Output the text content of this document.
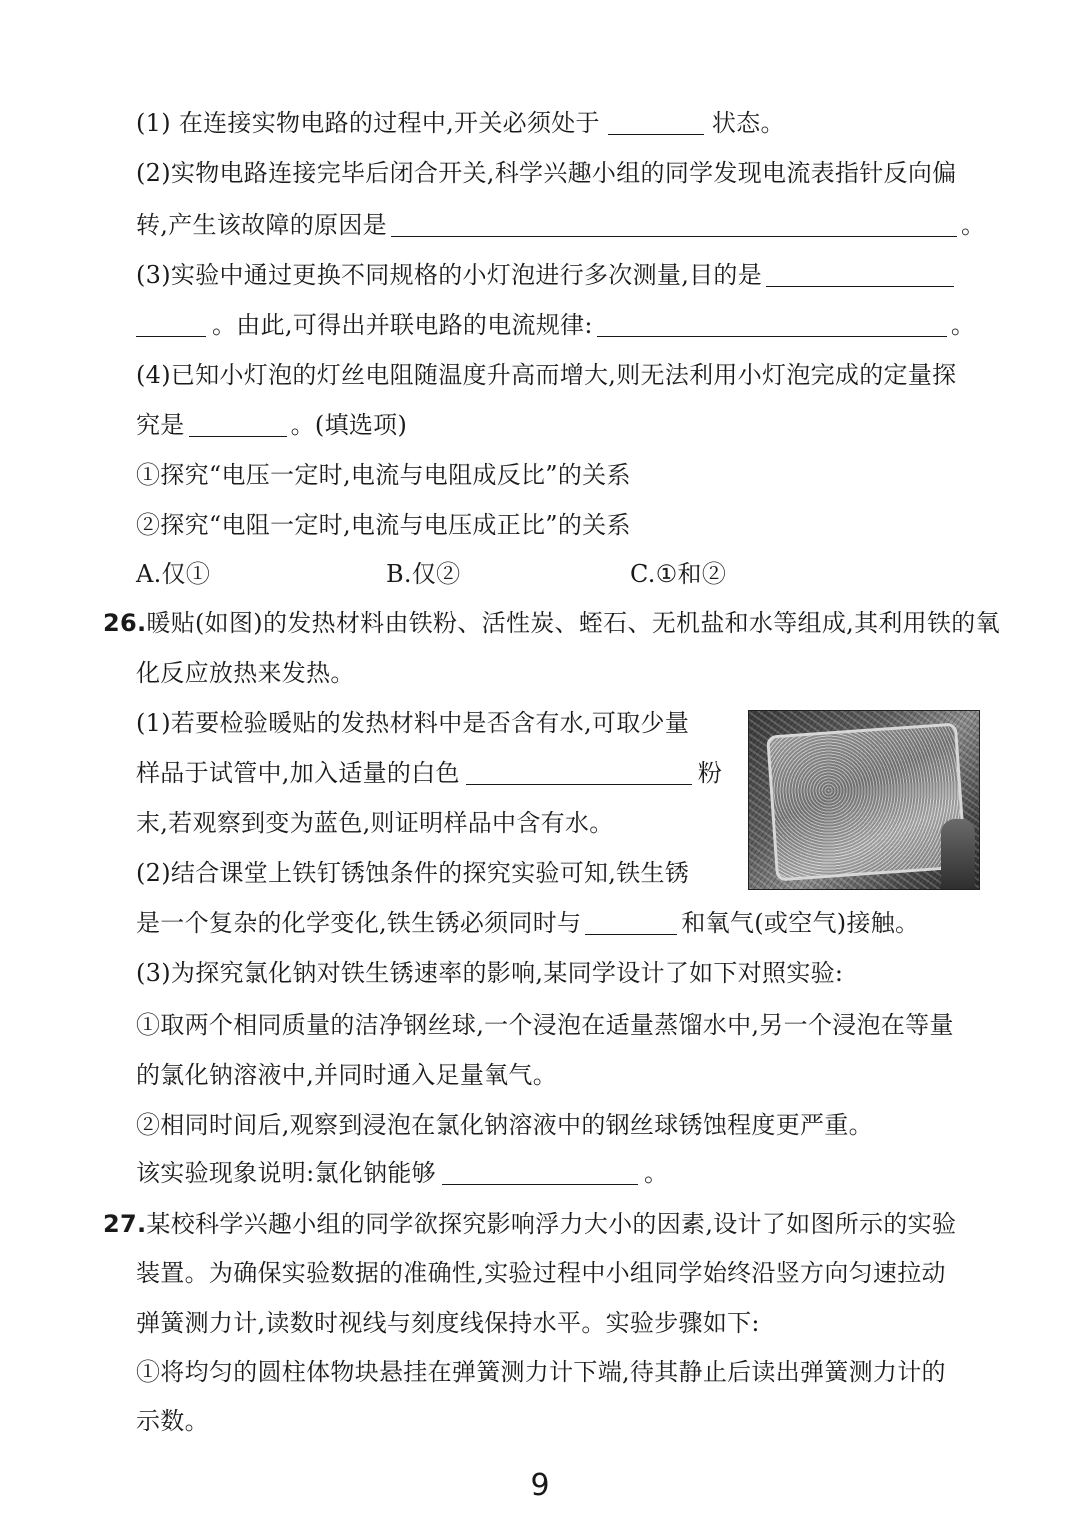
(1) 在连接实物电路的过程中,开关必须处于	状态。
(2)实物电路连接完毕后闭合开关,科学兴趣小组的同学发现电流表指针反向偏
转,产生该故障的原因是	。
(3)实验中通过更换不同规格的小灯泡进行多次测量,目的是
。由此,可得出并联电路的电流规律:	。
(4)已知小灯泡的灯丝电阻随温度升高而增大,则无法利用小灯泡完成的定量探
究是	。(填选项)
①探究“电压一定时,电流与电阻成反比”的关系
②探究“电阻一定时,电流与电压成正比”的关系
A.仅①	B.仅②	C.①和②
26.暖贴(如图)的发热材料由铁粉、活性炭、蛭石、无机盐和水等组成,其利用铁的氧
化反应放热来发热。
(1)若要检验暖贴的发热材料中是否含有水,可取少量
样品于试管中,加入适量的白色	粉
末,若观察到变为蓝色,则证明样品中含有水。
(2)结合课堂上铁钉锈蚀条件的探究实验可知,铁生锈
是一个复杂的化学变化,铁生锈必须同时与	和氧气(或空气)接触。
(3)为探究氯化钠对铁生锈速率的影响,某同学设计了如下对照实验:
①取两个相同质量的洁净钢丝球,一个浸泡在适量蒸馏水中,另一个浸泡在等量
的氯化钠溶液中,并同时通入足量氧气。
②相同时间后,观察到浸泡在氯化钠溶液中的钢丝球锈蚀程度更严重。
该实验现象说明:氯化钠能够	。
27.某校科学兴趣小组的同学欲探究影响浮力大小的因素,设计了如图所示的实验
装置。为确保实验数据的准确性,实验过程中小组同学始终沿竖方向匀速拉动
弹簧测力计,读数时视线与刻度线保持水平。实验步骤如下:
①将均匀的圆柱体物块悬挂在弹簧测力计下端,待其静止后读出弹簧测力计的
示数。
9
